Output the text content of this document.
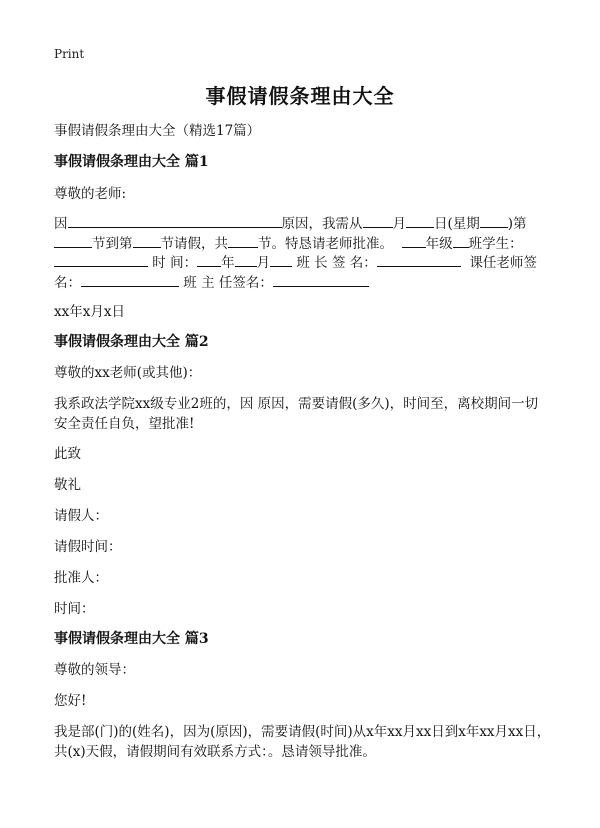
Print
事假请假条理由大全
事假请假条理由大全（精选17篇）
事假请假条理由大全 篇1
尊敬的老师:
因	原因，我需从 月 日(星期 )第
节到第 节请假，共 节。特恳请老师批准。 年级 班学生：
时 间： 年 月 班 长 签 名：	课任老师签
名：	班 主 任签名：
xx年x月x日
事假请假条理由大全 篇2
尊敬的xx老师(或其他)：
我系政法学院xx级专业2班的，因 原因，需要请假(多久)，时间至，离校期间一切
安全责任自负，望批准!
此致
敬礼
请假人：
请假时间：
批准人：
时间：
事假请假条理由大全 篇3
尊敬的领导：
您好!
我是部(门)的(姓名)，因为(原因)，需要请假(时间)从x年xx月xx日到x年xx月xx日，
共(x)天假，请假期间有效联系方式：。恳请领导批准。
